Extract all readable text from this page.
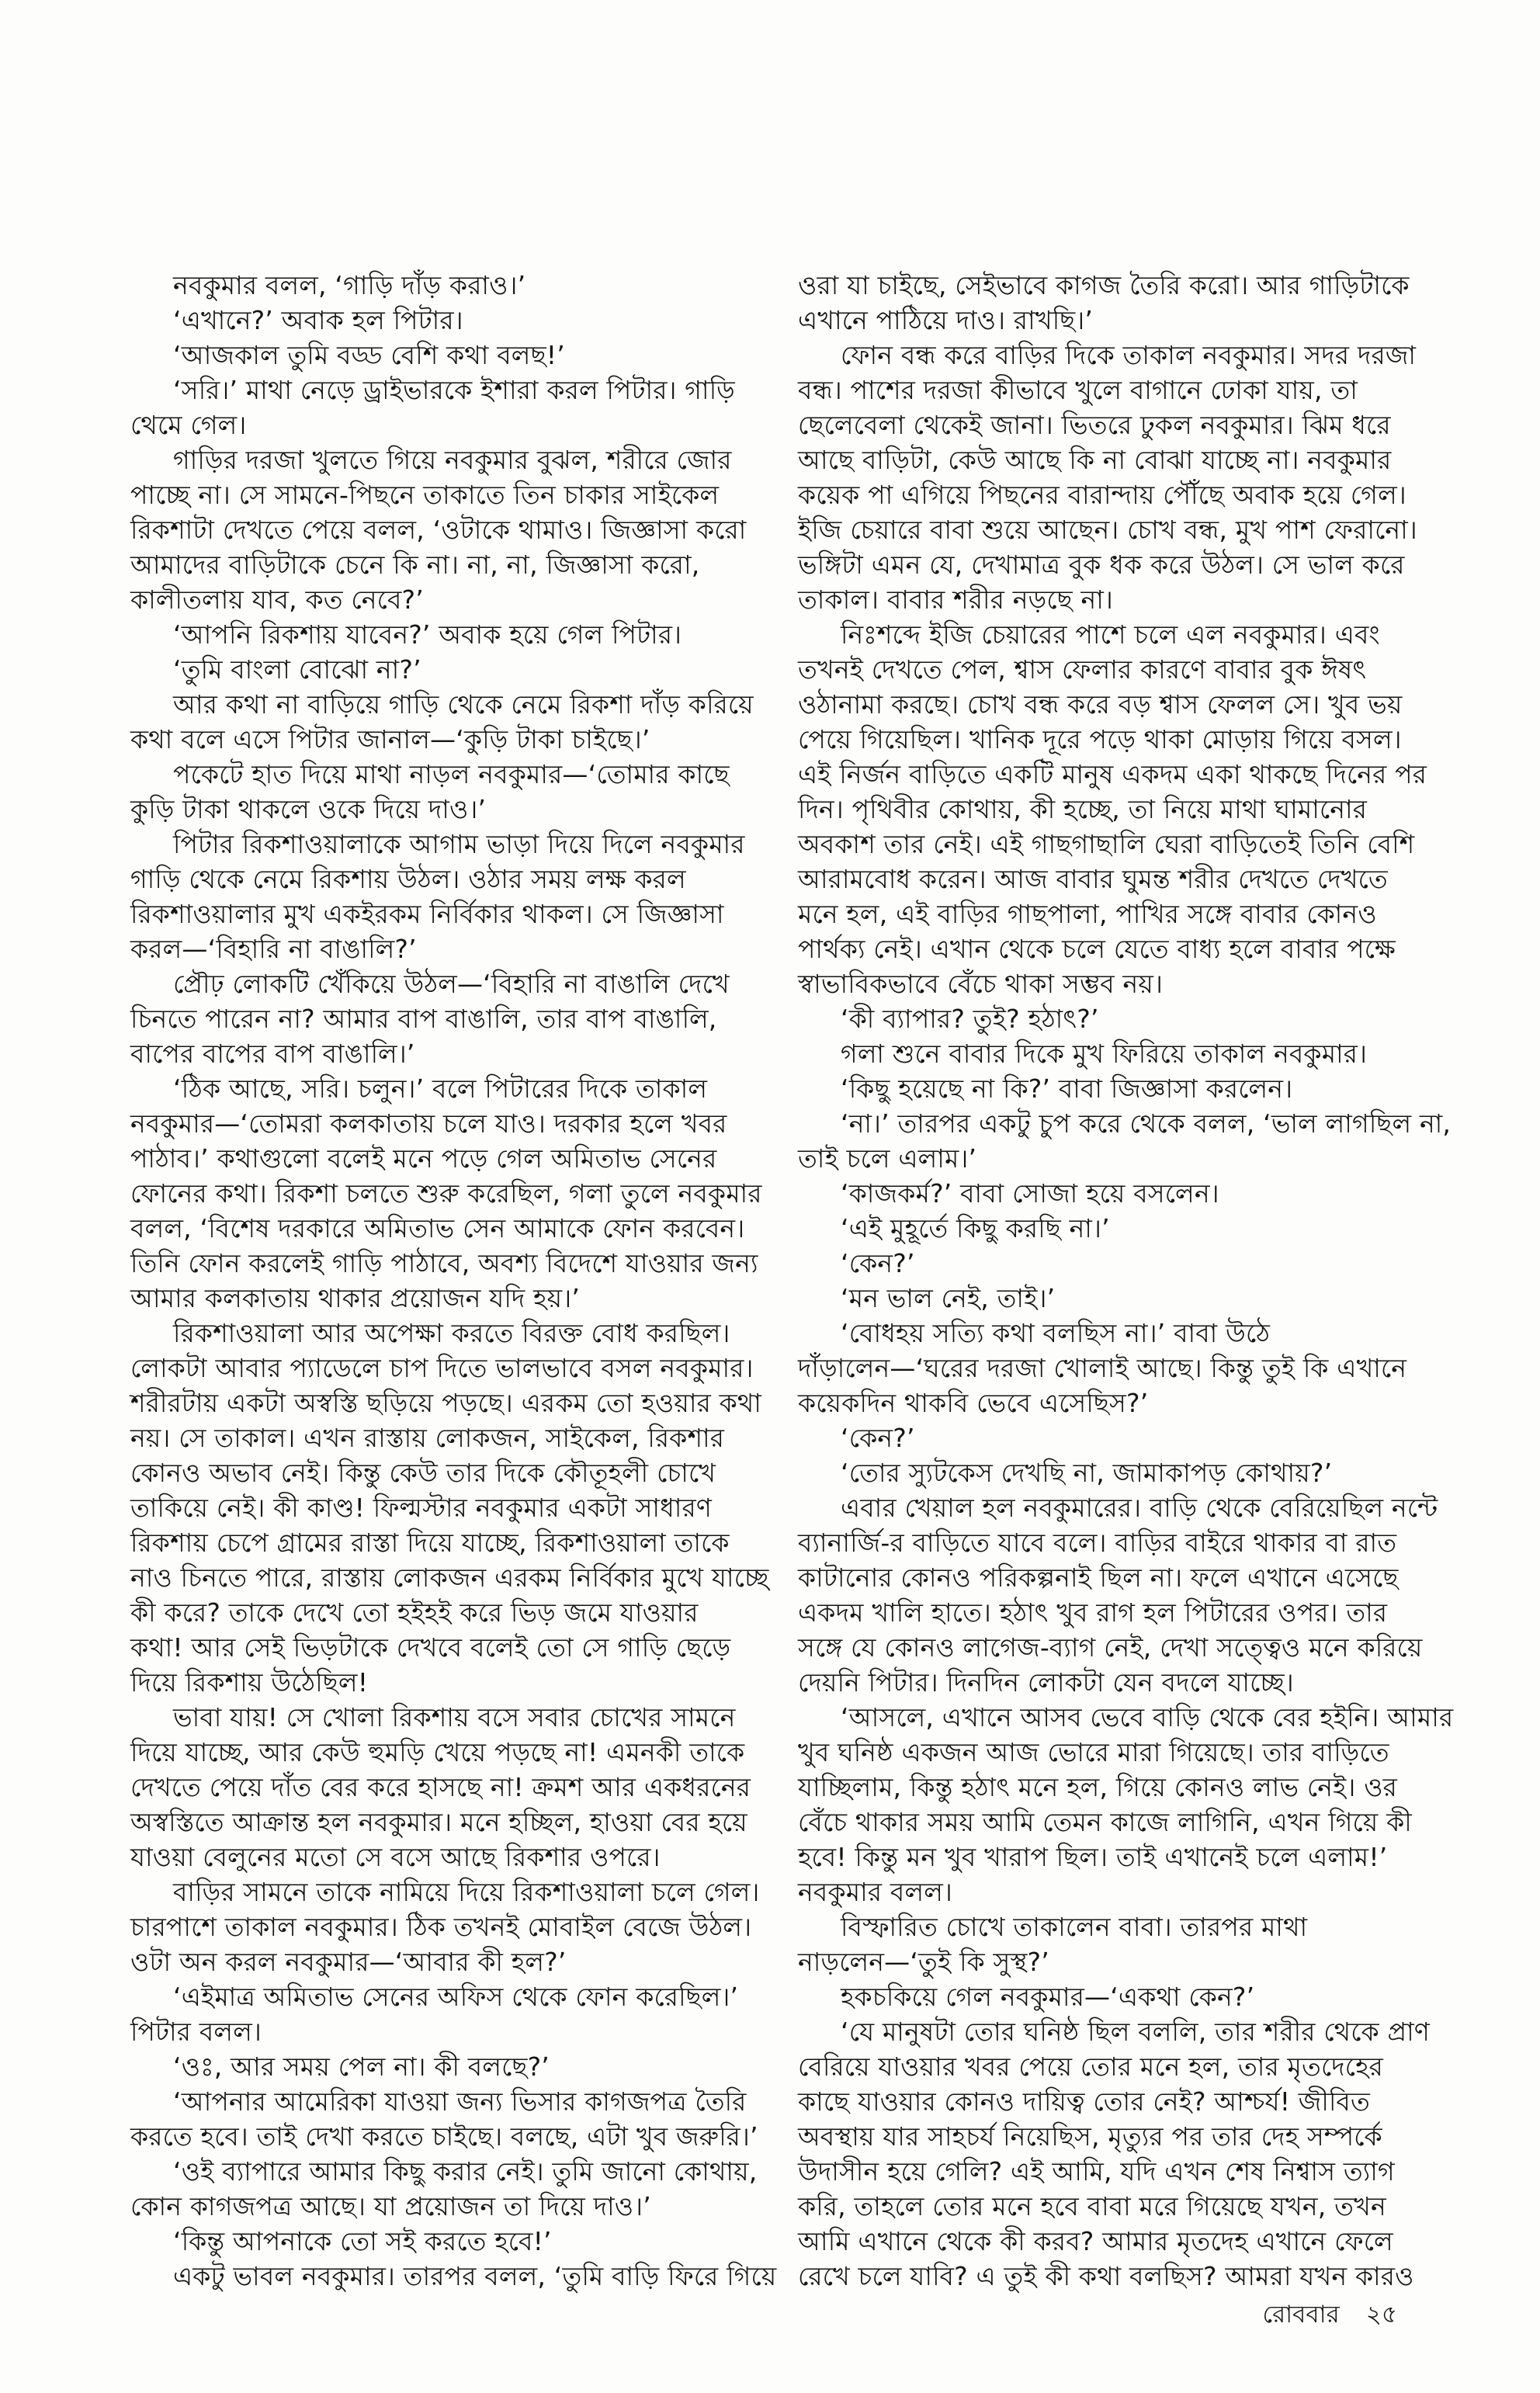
নবকুমার বলল, ‘গাড়ি দাঁড় করাও।’
‘এখানে?’ অবাক হল পিটার।
‘আজকাল তুমি বড্ড বেশি কথা বলছ!’
‘সরি।’ মাথা নেড়ে ড্রাইভারকে ইশারা করল পিটার। গাড়ি
থেমে গেল।
গাড়ির দরজা খুলতে গিয়ে নবকুমার বুঝল, শরীরে জোর
পাচ্ছে না। সে সামনে-পিছনে তাকাতে তিন চাকার সাইকেল
রিকশাটা দেখতে পেয়ে বলল, ‘ওটাকে থামাও। জিজ্ঞাসা করো
আমাদের বাড়িটাকে চেনে কি না। না, না, জিজ্ঞাসা করো,
কালীতলায় যাব, কত নেবে?’
‘আপনি রিকশায় যাবেন?’ অবাক হয়ে গেল পিটার।
‘তুমি বাংলা বোঝো না?’
আর কথা না বাড়িয়ে গাড়ি থেকে নেমে রিকশা দাঁড় করিয়ে
কথা বলে এসে পিটার জানাল—‘কুড়ি টাকা চাইছে।’
পকেটে হাত দিয়ে মাথা নাড়ল নবকুমার—‘তোমার কাছে
কুড়ি টাকা থাকলে ওকে দিয়ে দাও।’
পিটার রিকশাওয়ালাকে আগাম ভাড়া দিয়ে দিলে নবকুমার
গাড়ি থেকে নেমে রিকশায় উঠল। ওঠার সময় লক্ষ করল
রিকশাওয়ালার মুখ একইরকম নির্বিকার থাকল। সে জিজ্ঞাসা
করল—‘বিহারি না বাঙালি?’
প্রৌঢ় লোকটি খেঁকিয়ে উঠল—‘বিহারি না বাঙালি দেখে
চিনতে পারেন না? আমার বাপ বাঙালি, তার বাপ বাঙালি,
বাপের বাপের বাপ বাঙালি।’
‘ঠিক আছে, সরি। চলুন।’ বলে পিটারের দিকে তাকাল
নবকুমার—‘তোমরা কলকাতায় চলে যাও। দরকার হলে খবর
পাঠাব।’ কথাগুলো বলেই মনে পড়ে গেল অমিতাভ সেনের
ফোনের কথা। রিকশা চলতে শুরু করেছিল, গলা তুলে নবকুমার
বলল, ‘বিশেষ দরকারে অমিতাভ সেন আমাকে ফোন করবেন।
তিনি ফোন করলেই গাড়ি পাঠাবে, অবশ্য বিদেশে যাওয়ার জন্য
আমার কলকাতায় থাকার প্রয়োজন যদি হয়।’
রিকশাওয়ালা আর অপেক্ষা করতে বিরক্ত বোধ করছিল।
লোকটা আবার প্যাডেলে চাপ দিতে ভালভাবে বসল নবকুমার।
শরীরটায় একটা অস্বস্তি ছড়িয়ে পড়ছে। এরকম তো হওয়ার কথা
নয়। সে তাকাল। এখন রাস্তায় লোকজন, সাইকেল, রিকশার
কোনও অভাব নেই। কিন্তু কেউ তার দিকে কৌতূহলী চোখে
তাকিয়ে নেই। কী কাণ্ড! ফিল্মস্টার নবকুমার একটা সাধারণ
রিকশায় চেপে গ্রামের রাস্তা দিয়ে যাচ্ছে, রিকশাওয়ালা তাকে
নাও চিনতে পারে, রাস্তায় লোকজন এরকম নির্বিকার মুখে যাচ্ছে
কী করে? তাকে দেখে তো হইহই করে ভিড় জমে যাওয়ার
কথা! আর সেই ভিড়টাকে দেখবে বলেই তো সে গাড়ি ছেড়ে
দিয়ে রিকশায় উঠেছিল!
ভাবা যায়! সে খোলা রিকশায় বসে সবার চোখের সামনে
দিয়ে যাচ্ছে, আর কেউ হুমড়ি খেয়ে পড়ছে না! এমনকী তাকে
দেখতে পেয়ে দাঁত বের করে হাসছে না! ক্রমশ আর একধরনের
অস্বস্তিতে আক্রান্ত হল নবকুমার। মনে হচ্ছিল, হাওয়া বের হয়ে
যাওয়া বেলুনের মতো সে বসে আছে রিকশার ওপরে।
বাড়ির সামনে তাকে নামিয়ে দিয়ে রিকশাওয়ালা চলে গেল।
চারপাশে তাকাল নবকুমার। ঠিক তখনই মোবাইল বেজে উঠল।
ওটা অন করল নবকুমার—‘আবার কী হল?’
‘এইমাত্র অমিতাভ সেনের অফিস থেকে ফোন করেছিল।’
পিটার বলল।
‘ওঃ, আর সময় পেল না। কী বলছে?’
‘আপনার আমেরিকা যাওয়া জন্য ভিসার কাগজপত্র তৈরি
করতে হবে। তাই দেখা করতে চাইছে। বলছে, এটা খুব জরুরি।’
‘ওই ব্যাপারে আমার কিছু করার নেই। তুমি জানো কোথায়,
কোন কাগজপত্র আছে। যা প্রয়োজন তা দিয়ে দাও।’
‘কিন্তু আপনাকে তো সই করতে হবে!’
একটু ভাবল নবকুমার। তারপর বলল, ‘তুমি বাড়ি ফিরে গিয়ে
ওরা যা চাইছে, সেইভাবে কাগজ তৈরি করো। আর গাড়িটাকে
এখানে পাঠিয়ে দাও। রাখছি।’
ফোন বন্ধ করে বাড়ির দিকে তাকাল নবকুমার। সদর দরজা
বন্ধ। পাশের দরজা কীভাবে খুলে বাগানে ঢোকা যায়, তা
ছেলেবেলা থেকেই জানা। ভিতরে ঢুকল নবকুমার। ঝিম ধরে
আছে বাড়িটা, কেউ আছে কি না বোঝা যাচ্ছে না। নবকুমার
কয়েক পা এগিয়ে পিছনের বারান্দায় পৌঁছে অবাক হয়ে গেল।
ইজি চেয়ারে বাবা শুয়ে আছেন। চোখ বন্ধ, মুখ পাশ ফেরানো।
ভঙ্গিটা এমন যে, দেখামাত্র বুক ধক করে উঠল। সে ভাল করে
তাকাল। বাবার শরীর নড়ছে না।
নিঃশব্দে ইজি চেয়ারের পাশে চলে এল নবকুমার। এবং
তখনই দেখতে পেল, শ্বাস ফেলার কারণে বাবার বুক ঈষৎ
ওঠানামা করছে। চোখ বন্ধ করে বড় শ্বাস ফেলল সে। খুব ভয়
পেয়ে গিয়েছিল। খানিক দূরে পড়ে থাকা মোড়ায় গিয়ে বসল।
এই নির্জন বাড়িতে একটি মানুষ একদম একা থাকছে দিনের পর
দিন। পৃথিবীর কোথায়, কী হচ্ছে, তা নিয়ে মাথা ঘামানোর
অবকাশ তার নেই। এই গাছগাছালি ঘেরা বাড়িতেই তিনি বেশি
আরামবোধ করেন। আজ বাবার ঘুমন্ত শরীর দেখতে দেখতে
মনে হল, এই বাড়ির গাছপালা, পাখির সঙ্গে বাবার কোনও
পার্থক্য নেই। এখান থেকে চলে যেতে বাধ্য হলে বাবার পক্ষে
স্বাভাবিকভাবে বেঁচে থাকা সম্ভব নয়।
‘কী ব্যাপার? তুই? হঠাৎ?’
গলা শুনে বাবার দিকে মুখ ফিরিয়ে তাকাল নবকুমার।
‘কিছু হয়েছে না কি?’ বাবা জিজ্ঞাসা করলেন।
‘না।’ তারপর একটু চুপ করে থেকে বলল, ‘ভাল লাগছিল না,
তাই চলে এলাম।’
‘কাজকর্ম?’ বাবা সোজা হয়ে বসলেন।
‘এই মুহূর্তে কিছু করছি না।’
‘কেন?’
‘মন ভাল নেই, তাই।’
‘বোধহয় সত্যি কথা বলছিস না।’ বাবা উঠে
দাঁড়ালেন—‘ঘরের দরজা খোলাই আছে। কিন্তু তুই কি এখানে
কয়েকদিন থাকবি ভেবে এসেছিস?’
‘কেন?’
‘তোর স্যুটকেস দেখছি না, জামাকাপড় কোথায়?’
এবার খেয়াল হল নবকুমারের। বাড়ি থেকে বেরিয়েছিল নন্টে
ব্যানার্জি-র বাড়িতে যাবে বলে। বাড়ির বাইরে থাকার বা রাত
কাটানোর কোনও পরিকল্পনাই ছিল না। ফলে এখানে এসেছে
একদম খালি হাতে। হঠাৎ খুব রাগ হল পিটারের ওপর। তার
সঙ্গে যে কোনও লাগেজ-ব্যাগ নেই, দেখা সত্ত্বেও মনে করিয়ে
দেয়নি পিটার। দিনদিন লোকটা যেন বদলে যাচ্ছে।
‘আসলে, এখানে আসব ভেবে বাড়ি থেকে বের হইনি। আমার
খুব ঘনিষ্ঠ একজন আজ ভোরে মারা গিয়েছে। তার বাড়িতে
যাচ্ছিলাম, কিন্তু হঠাৎ মনে হল, গিয়ে কোনও লাভ নেই। ওর
বেঁচে থাকার সময় আমি তেমন কাজে লাগিনি, এখন গিয়ে কী
হবে! কিন্তু মন খুব খারাপ ছিল। তাই এখানেই চলে এলাম!’
নবকুমার বলল।
বিস্ফারিত চোখে তাকালেন বাবা। তারপর মাথা
নাড়লেন—‘তুই কি সুস্থ?’
হকচকিয়ে গেল নবকুমার—‘একথা কেন?’
‘যে মানুষটা তোর ঘনিষ্ঠ ছিল বললি, তার শরীর থেকে প্রাণ
বেরিয়ে যাওয়ার খবর পেয়ে তোর মনে হল, তার মৃতদেহের
কাছে যাওয়ার কোনও দায়িত্ব তোর নেই? আশ্চর্য! জীবিত
অবস্থায় যার সাহচর্য নিয়েছিস, মৃত্যুর পর তার দেহ সম্পর্কে
উদাসীন হয়ে গেলি? এই আমি, যদি এখন শেষ নিশ্বাস ত্যাগ
করি, তাহলে তোর মনে হবে বাবা মরে গিয়েছে যখন, তখন
আমি এখানে থেকে কী করব? আমার মৃতদেহ এখানে ফেলে
রেখে চলে যাবি? এ তুই কী কথা বলছিস? আমরা যখন কারও
রোববার ২৫
